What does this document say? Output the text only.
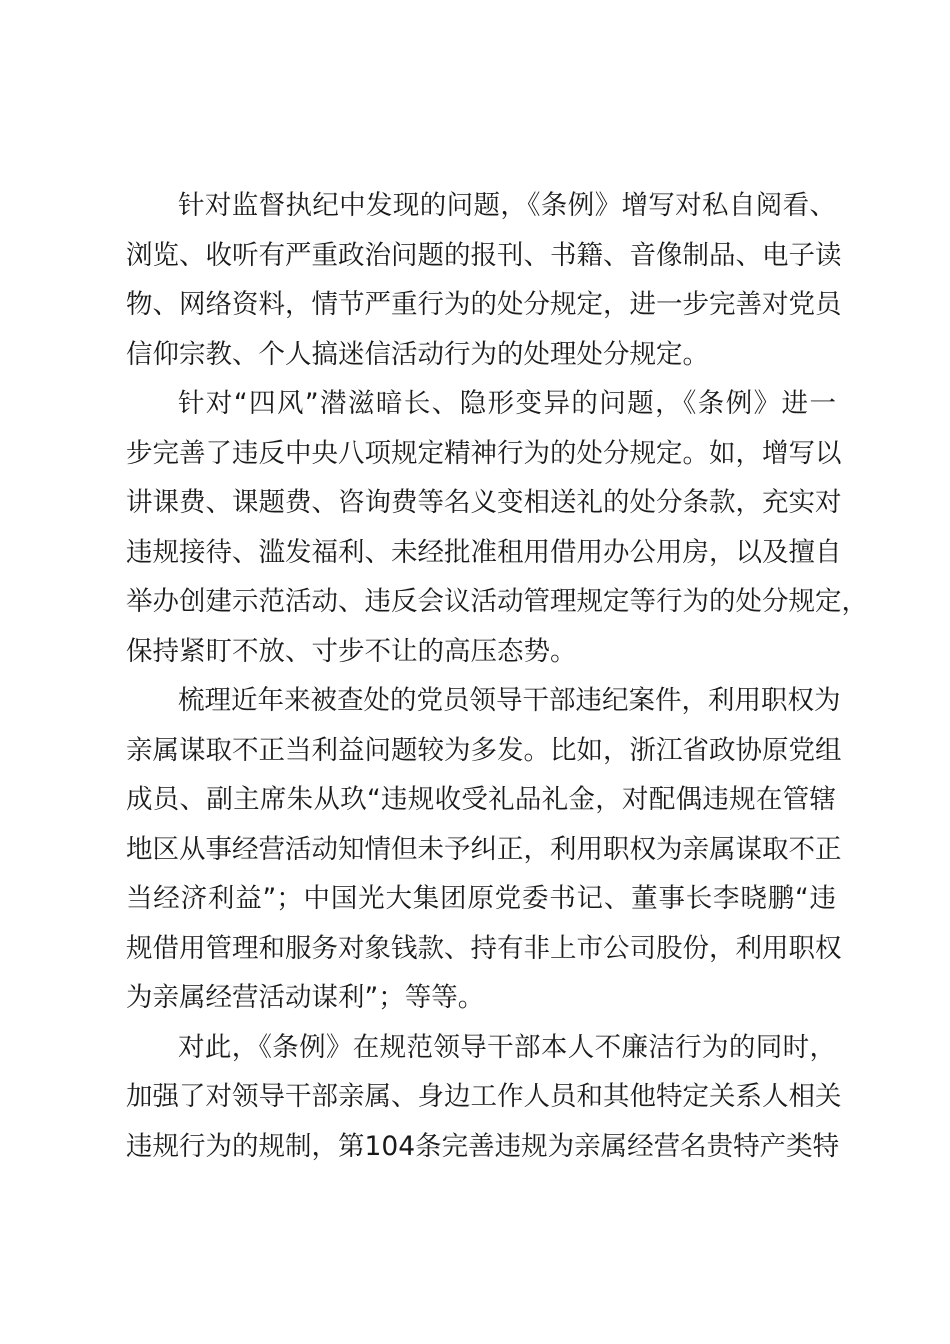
针对监督执纪中发现的问题，《条例》增写对私自阅看、
浏览、收听有严重政治问题的报刊、书籍、音像制品、电子读
物、网络资料，情节严重行为的处分规定，进一步完善对党员
信仰宗教、个人搞迷信活动行为的处理处分规定。
针对“四风”潜滋暗长、隐形变异的问题，《条例》进一
步完善了违反中央八项规定精神行为的处分规定。如，增写以
讲课费、课题费、咨询费等名义变相送礼的处分条款，充实对
违规接待、滥发福利、未经批准租用借用办公用房，以及擅自
举办创建示范活动、违反会议活动管理规定等行为的处分规定，
保持紧盯不放、寸步不让的高压态势。
梳理近年来被查处的党员领导干部违纪案件，利用职权为
亲属谋取不正当利益问题较为多发。比如，浙江省政协原党组
成员、副主席朱从玖“违规收受礼品礼金，对配偶违规在管辖
地区从事经营活动知情但未予纠正，利用职权为亲属谋取不正
当经济利益”；中国光大集团原党委书记、董事长李晓鹏“违
规借用管理和服务对象钱款、持有非上市公司股份，利用职权
为亲属经营活动谋利”；等等。
对此，《条例》在规范领导干部本人不廉洁行为的同时，
加强了对领导干部亲属、身边工作人员和其他特定关系人相关
违规行为的规制，第104条完善违规为亲属经营名贵特产类特
